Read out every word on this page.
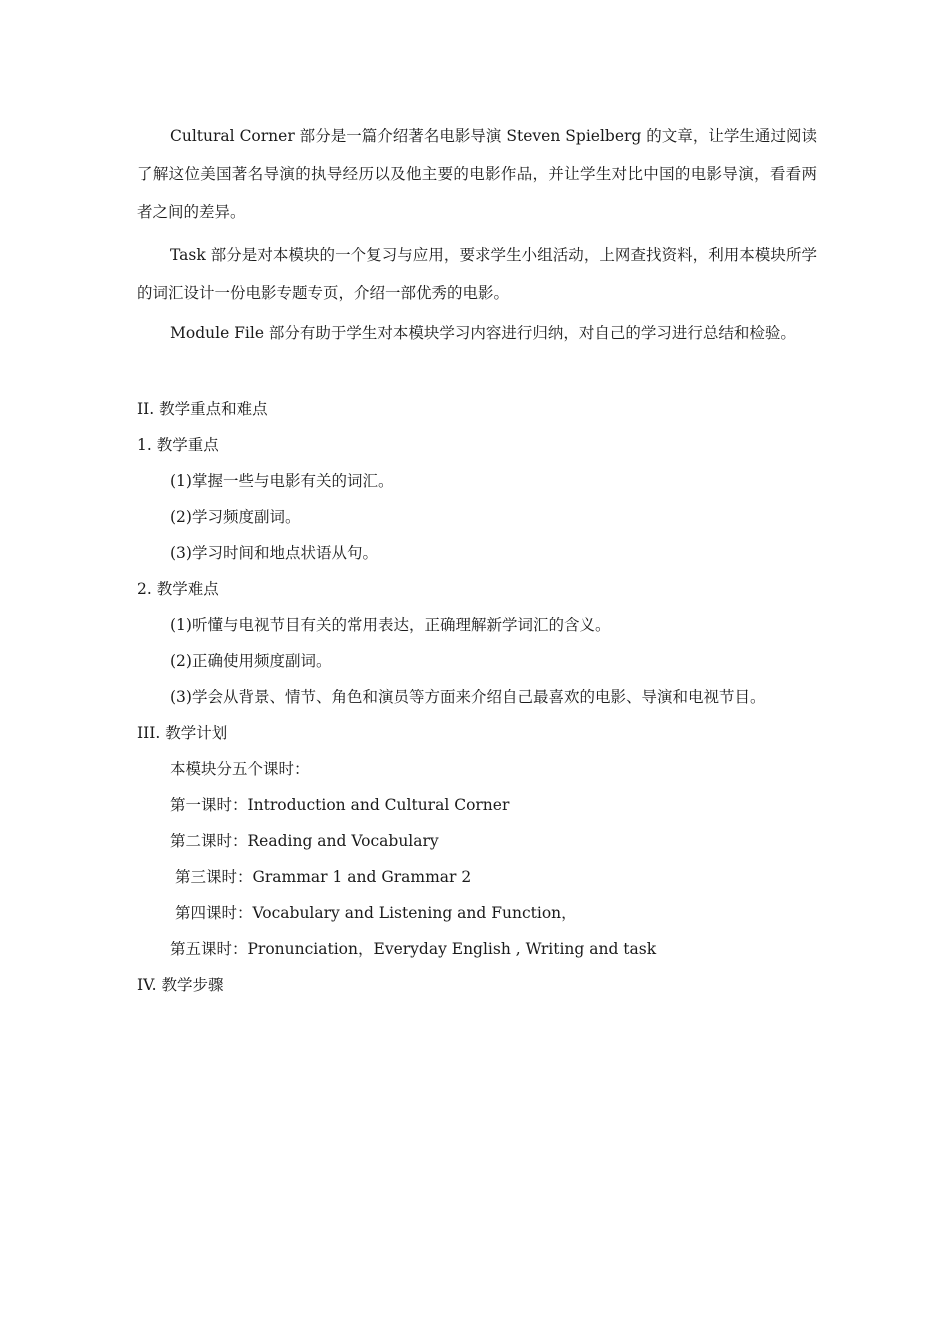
Cultural Corner 部分是一篇介绍著名电影导演 Steven Spielberg 的文章，让学生通过阅读了解这位美国著名导演的执导经历以及他主要的电影作品，并让学生对比中国的电影导演，看看两者之间的差异。
Task 部分是对本模块的一个复习与应用，要求学生小组活动，上网查找资料，利用本模块所学的词汇设计一份电影专题专页，介绍一部优秀的电影。
Module File 部分有助于学生对本模块学习内容进行归纳，对自己的学习进行总结和检验。
II. 教学重点和难点
1. 教学重点
(1)掌握一些与电影有关的词汇。
(2)学习频度副词。
(3)学习时间和地点状语从句。
2. 教学难点
(1)听懂与电视节目有关的常用表达，正确理解新学词汇的含义。
(2)正确使用频度副词。
(3)学会从背景、情节、角色和演员等方面来介绍自己最喜欢的电影、导演和电视节目。
III. 教学计划
本模块分五个课时：
第一课时：Introduction and Cultural Corner
第二课时：Reading and Vocabulary
第三课时：Grammar 1 and Grammar 2
第四课时：Vocabulary and Listening and Function，
第五课时：Pronunciation，Everyday English , Writing and task
IV. 教学步骤
